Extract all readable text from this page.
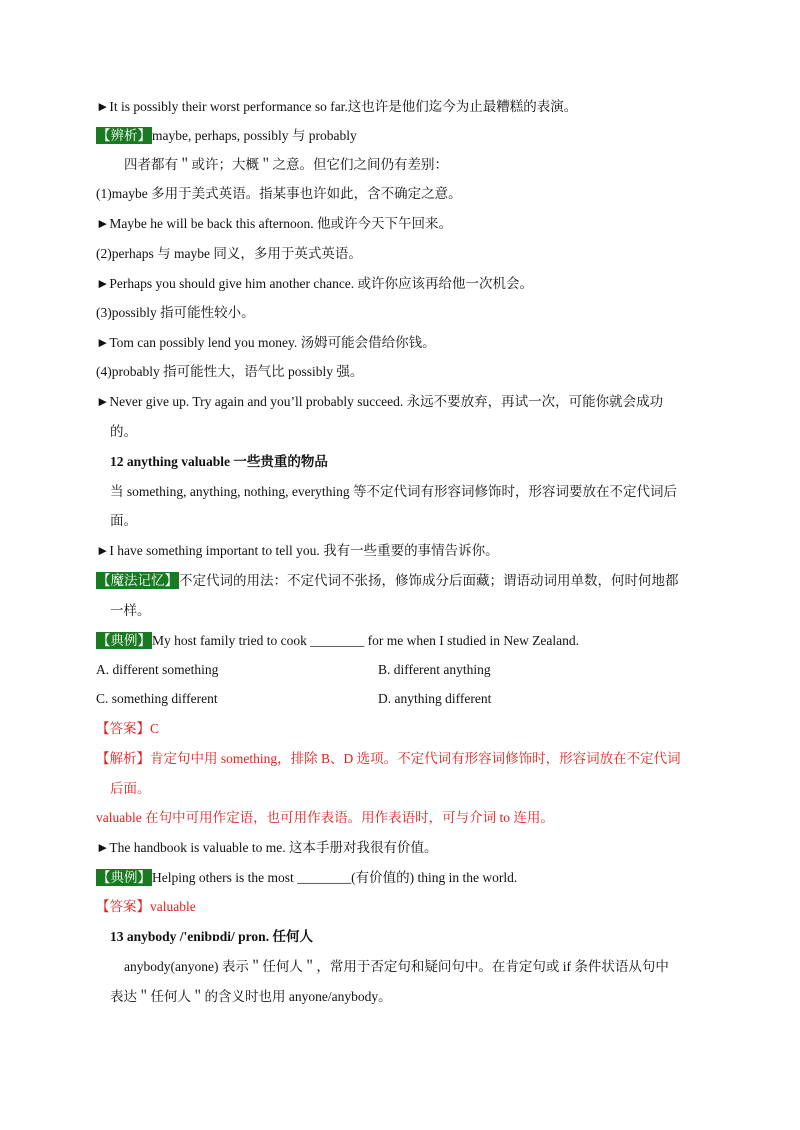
►It is possibly their worst performance so far.这也许是他们迄今为止最糟糕的表演。
【辨析】maybe, perhaps, possibly 与 probably
四者都有＂或许；大概＂之意。但它们之间仍有差别：
(1)maybe 多用于美式英语。指某事也许如此，含不确定之意。
►Maybe he will be back this afternoon. 他或许今天下午回来。
(2)perhaps 与 maybe 同义，多用于英式英语。
►Perhaps you should give him another chance. 或许你应该再给他一次机会。
(3)possibly 指可能性较小。
►Tom can possibly lend you money. 汤姆可能会借给你钱。
(4)probably 指可能性大，语气比 possibly 强。
►Never give up. Try again and you’ll probably succeed. 永远不要放弃，再试一次，可能你就会成功
的。
12 anything valuable 一些贵重的物品
当 something, anything, nothing, everything 等不定代词有形容词修饰时，形容词要放在不定代词后
面。
►I have something important to tell you. 我有一些重要的事情告诉你。
【魔法记忆】不定代词的用法：不定代词不张扬，修饰成分后面藏；谓语动词用单数，何时何地都
一样。
【典例】My host family tried to cook ________ for me when I studied in New Zealand.
A. different something	B. different anything
C. something different	D. anything different
【答案】C
【解析】肯定句中用 something，排除 B、D 选项。不定代词有形容词修饰时，形容词放在不定代词
后面。
valuable 在句中可用作定语，也可用作表语。用作表语时，可与介词 to 连用。
►The handbook is valuable to me. 这本手册对我很有价值。
【典例】Helping others is the most ________(有价值的) thing in the world.
【答案】valuable
13 anybody /'enibɒdi/ pron. 任何人
anybody(anyone) 表示＂任何人＂，常用于否定句和疑问句中。在肯定句或 if 条件状语从句中
表达＂任何人＂的含义时也用 anyone/anybody。
